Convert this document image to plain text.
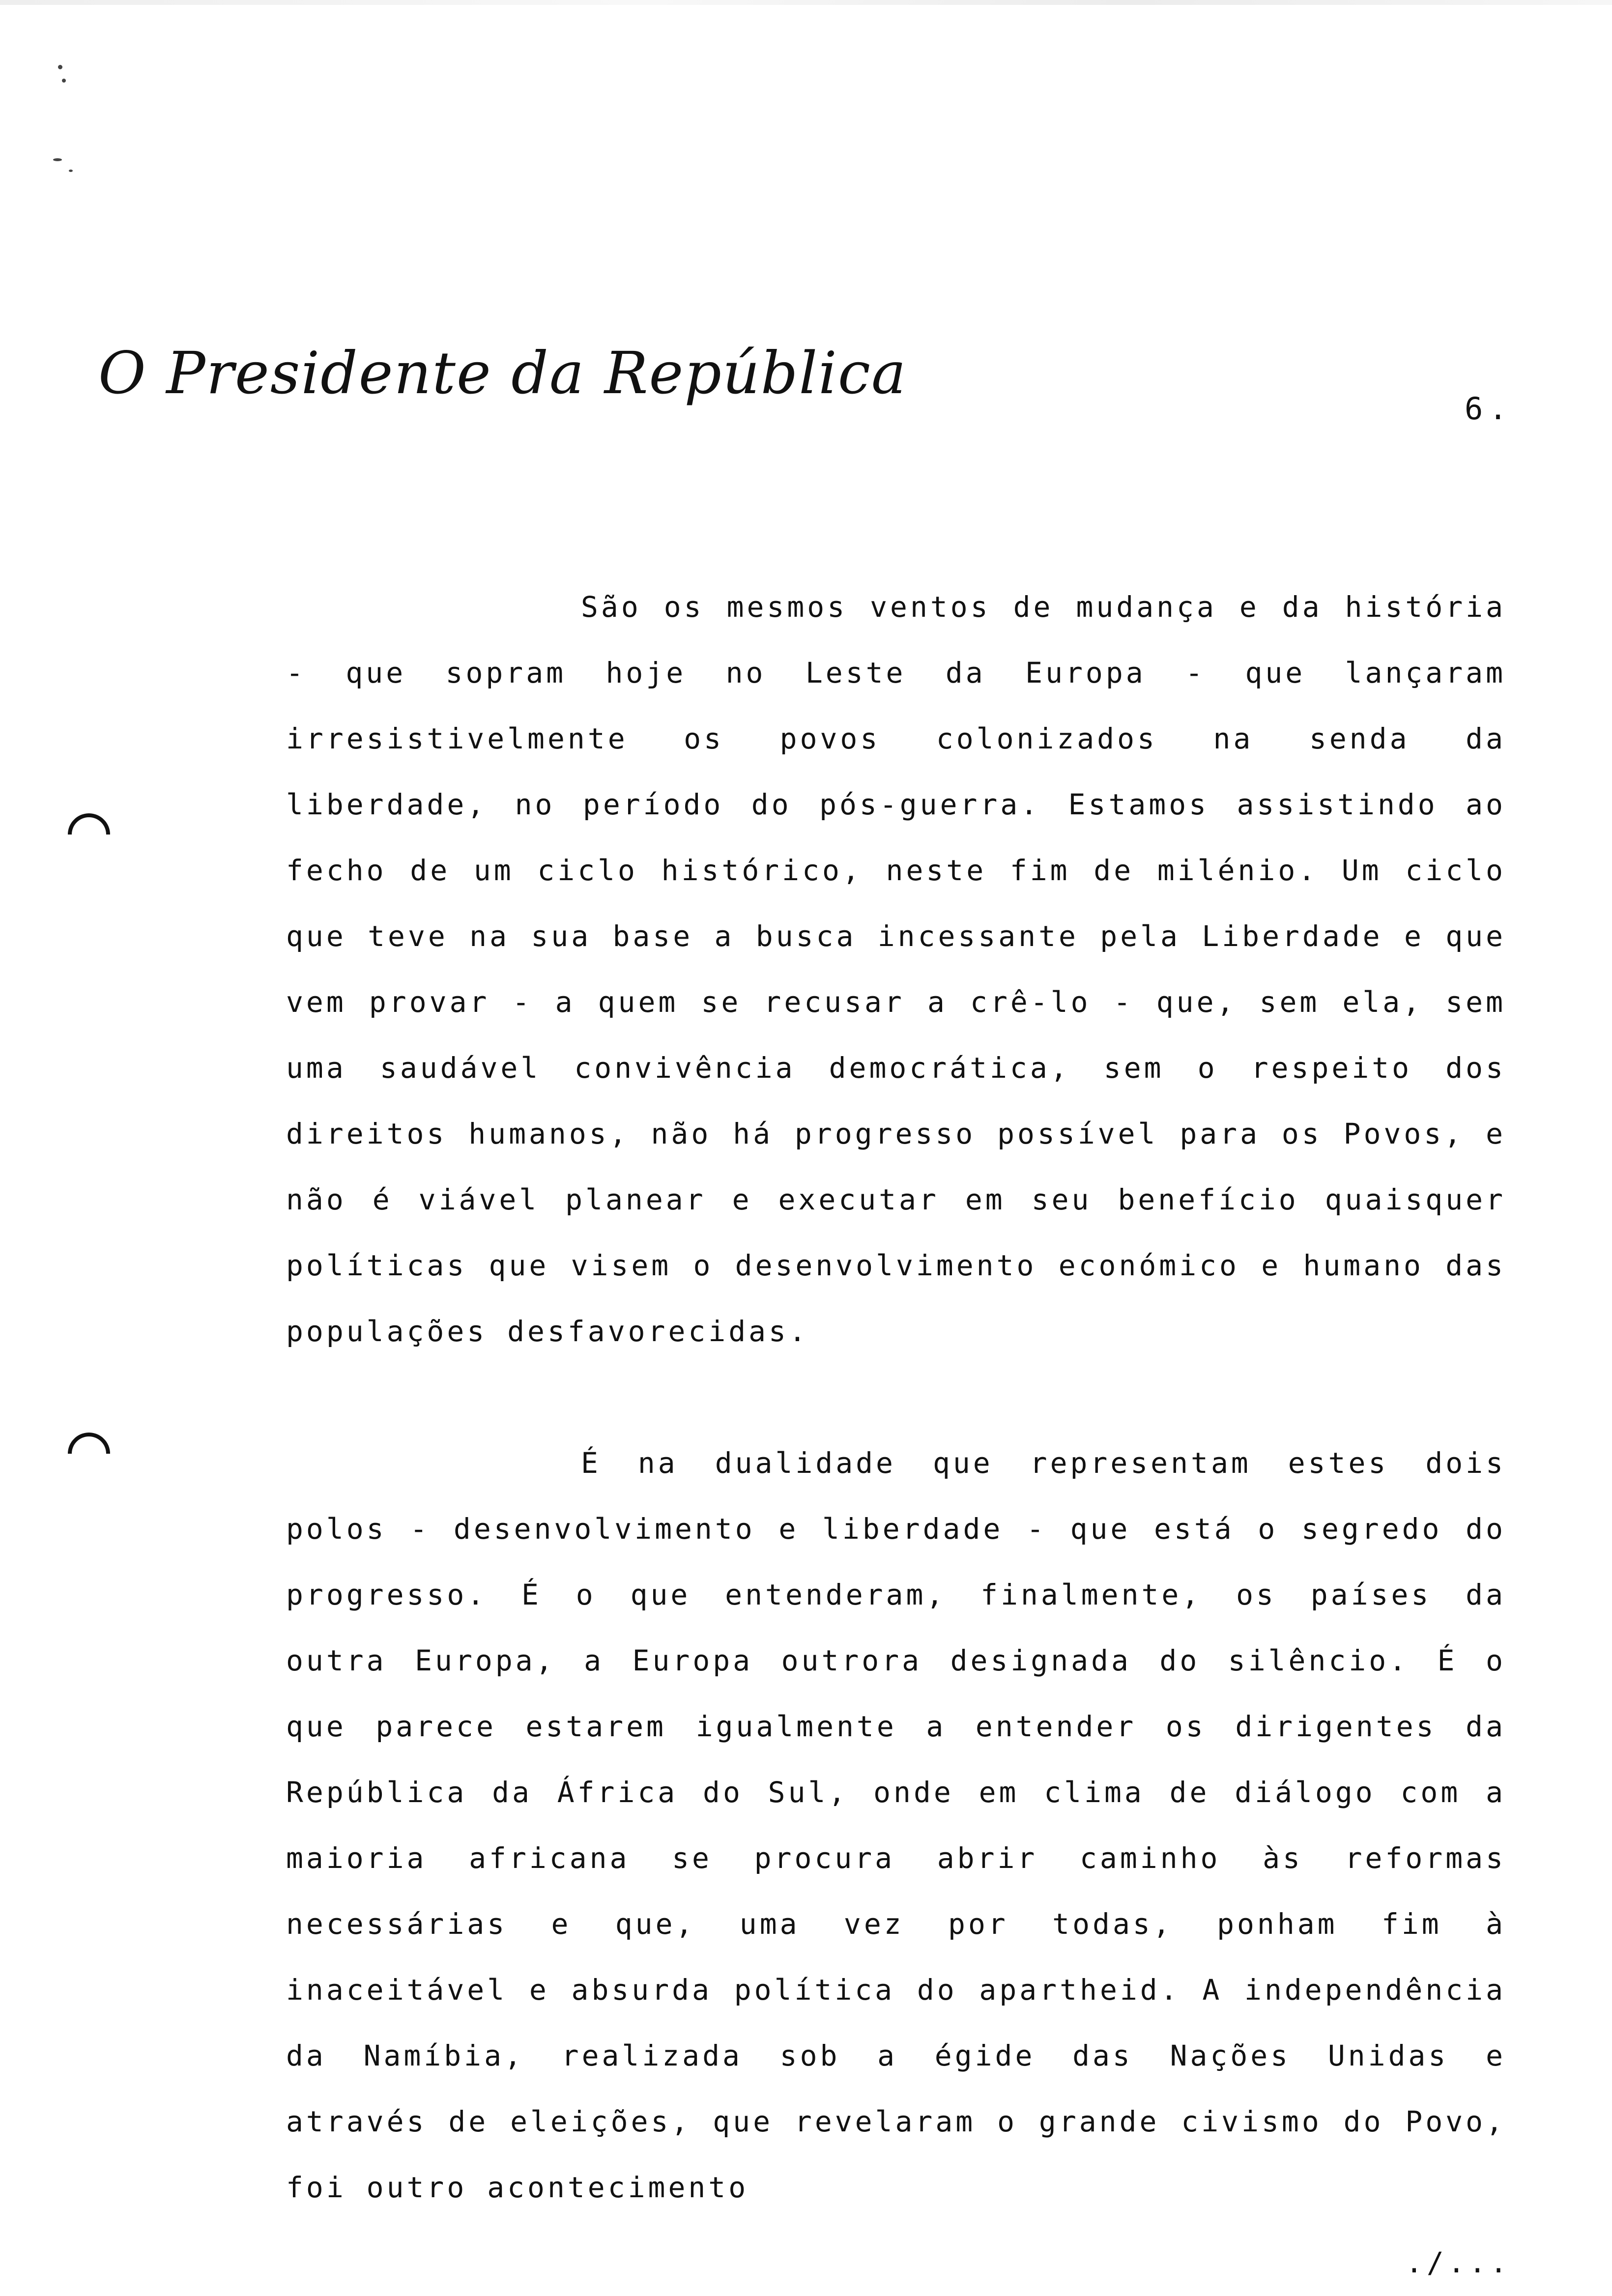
O Presidente da República
6.

São os mesmos ventos de mudança e da história - que sopram hoje no Leste da Europa - que lançaram irresistivelmente os povos colonizados na senda da liberdade, no período do pós-guerra. Estamos assistindo ao fecho de um ciclo histórico, neste fim de milénio. Um ciclo que teve na sua base a busca incessante pela Liberdade e que vem provar - a quem se recusar a crê-lo - que, sem ela, sem uma saudável convivência democrática, sem o respeito dos direitos humanos, não há progresso possível para os Povos, e não é viável planear e executar em seu benefício quaisquer políticas que visem o desenvolvimento económico e humano das populações desfavorecidas.

É na dualidade que representam estes dois polos - desenvolvimento e liberdade - que está o segredo do progresso. É o que entenderam, finalmente, os países da outra Europa, a Europa outrora designada do silêncio. É o que parece estarem igualmente a entender os dirigentes da República da África do Sul, onde em clima de diálogo com a maioria africana se procura abrir caminho às reformas necessárias e que, uma vez por todas, ponham fim à inaceitável e absurda política do apartheid. A independência da Namíbia, realizada sob a égide das Nações Unidas e através de eleições, que revelaram o grande civismo do Povo, foi outro acontecimento

./...
